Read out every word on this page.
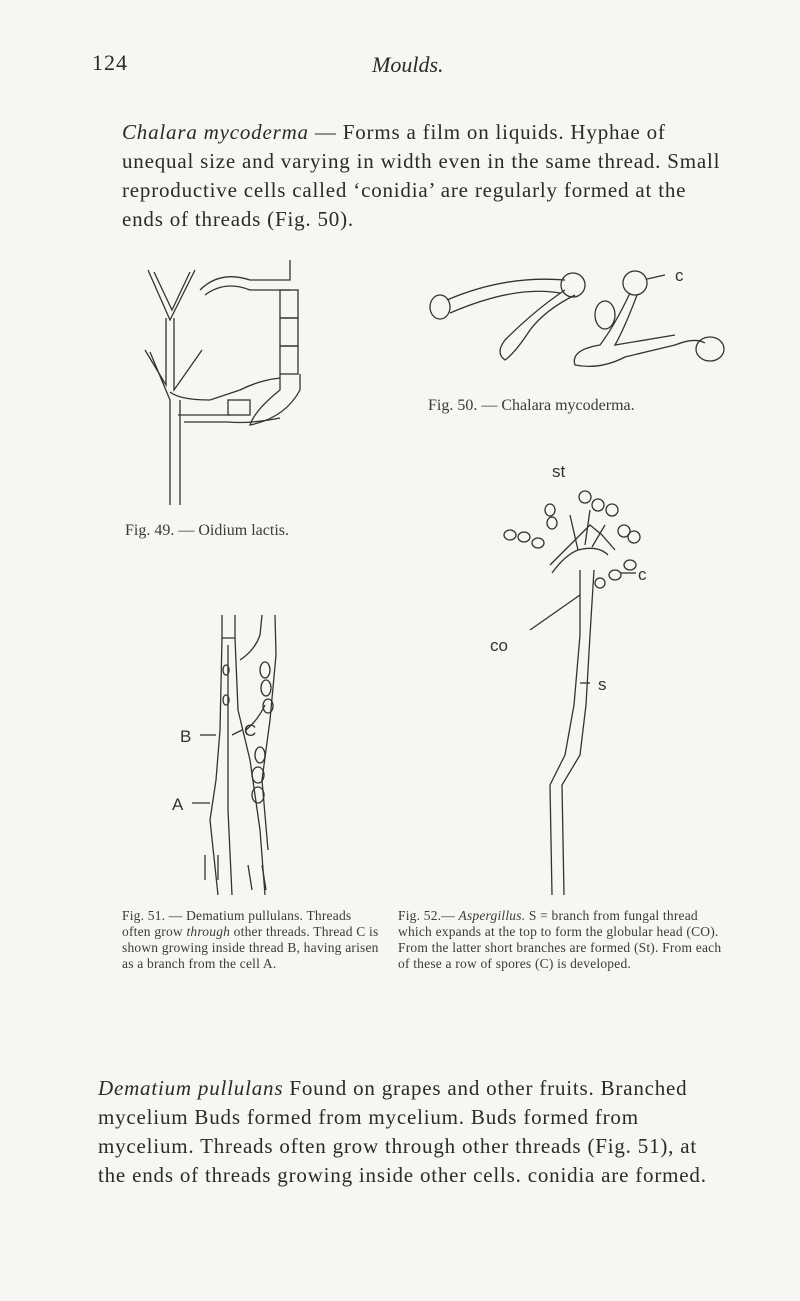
124	Moulds.
Chalara mycoderma — Forms a film on liquids. Hyphae of unequal size and varying in width even in the same thread. Small reproductive cells called ‘conidia’ are regularly formed at the ends of threads (Fig. 50).
Fig. 49. — Oidium lactis.
c
Fig. 50. — Chalara mycoderma.
B	C
A
st
co
c
s
Fig. 51. — Dematium pullulans. Threads often grow through other threads. Thread C is shown growing inside thread B, having arisen as a branch from the cell A.
Fig. 52.— Aspergillus. S = branch from fungal thread which expands at the top to form the globular head (CO). From the latter short branches are formed (St). From each of these a row of spores (C) is developed.
Dematium pullulans Found on grapes and other fruits. Branched mycelium Buds formed from mycelium. Buds formed from mycelium. Threads often grow through other threads (Fig. 51), at the ends of threads growing inside other cells. conidia are formed.
